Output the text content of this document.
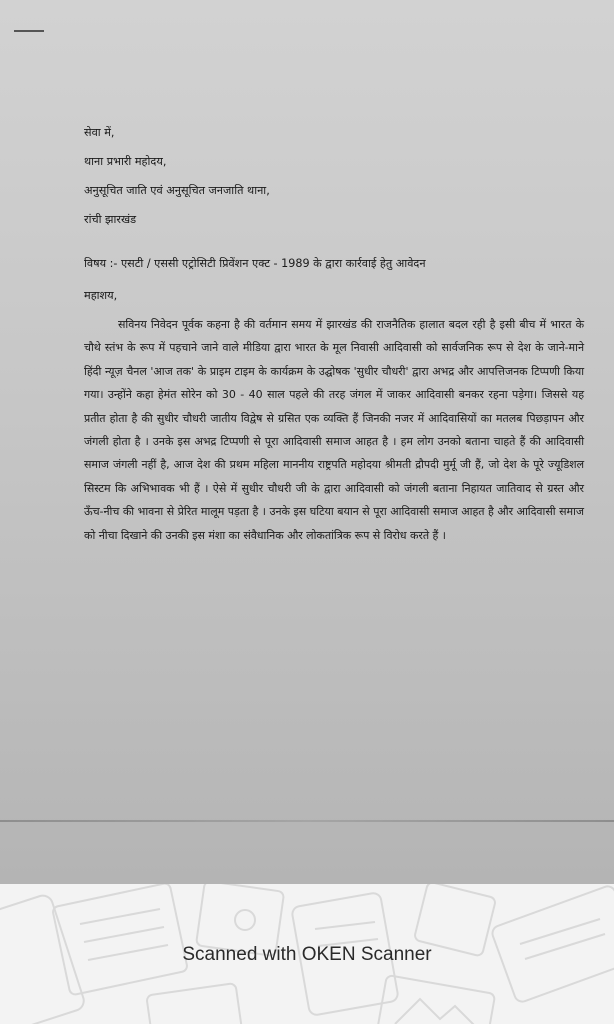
सेवा में,

थाना प्रभारी महोदय,

अनुसूचित जाति एवं अनुसूचित जनजाति थाना,

रांची झारखंड

विषय :- एसटी / एससी एट्रोसिटी प्रिवेंशन एक्ट - 1989 के द्वारा कार्रवाई हेतु आवेदन

महाशय,

सविनय निवेदन पूर्वक कहना है की वर्तमान समय में झारखंड की राजनैतिक हालात बदल रही है इसी बीच में भारत के चौथे स्तंभ के रूप में पहचाने जाने वाले मीडिया द्वारा भारत के मूल निवासी आदिवासी को सार्वजनिक रूप से देश के जाने-माने हिंदी न्यूज़ चैनल 'आज तक' के प्राइम टाइम के कार्यक्रम के उद्घोषक 'सुधीर चौधरी' द्वारा अभद्र और आपत्तिजनक टिप्पणी किया गया। उन्होंने कहा हेमंत सोरेन को 30 - 40 साल पहले की तरह जंगल में जाकर आदिवासी बनकर रहना पड़ेगा। जिससे यह प्रतीत होता है की सुधीर चौधरी जातीय विद्वेष से ग्रसित एक व्यक्ति हैं जिनकी नजर में आदिवासियों का मतलब पिछड़ापन और जंगली होता है । उनके इस अभद्र टिप्पणी से पूरा आदिवासी समाज आहत है । हम लोग उनको बताना चाहते हैं की आदिवासी समाज जंगली नहीं है, आज देश की प्रथम महिला माननीय राष्ट्रपति महोदया श्रीमती द्रौपदी मुर्मू जी हैं, जो देश के पूरे ज्यूडिशल सिस्टम कि अभिभावक भी हैं । ऐसे में सुधीर चौधरी जी के द्वारा आदिवासी को जंगली बताना निहायत जातिवाद से ग्रस्त और ऊँच-नीच की भावना से प्रेरित मालूम पड़ता है । उनके इस घटिया बयान से पूरा आदिवासी समाज आहत है और आदिवासी समाज को नीचा दिखाने की उनकी इस मंशा का संवैधानिक और लोकतांत्रिक रूप से विरोध करते हैं ।

Scanned with OKEN Scanner
